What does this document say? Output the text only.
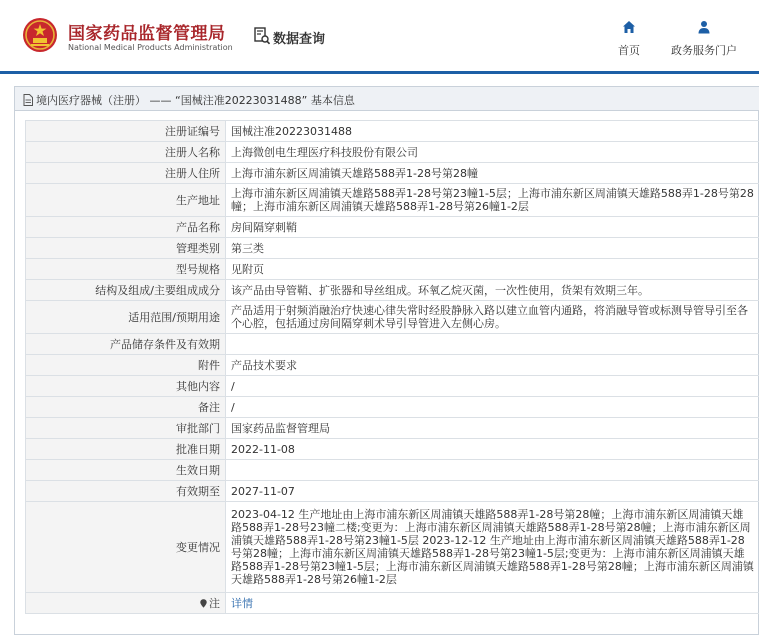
国家药品监督管理局
National Medical Products Administration
数据查询
首页	政务服务门户
境内医疗器械（注册） —— “国械注准20223031488” 基本信息
注册证编号	国械注准20223031488
注册人名称	上海微创电生理医疗科技股份有限公司
注册人住所	上海市浦东新区周浦镇天雄路588弄1-28号第28幢
生产地址	上海市浦东新区周浦镇天雄路588弄1-28号第23幢1-5层；上海市浦东新区周浦镇天雄路588弄1-28号第28幢；上海市浦东新区周浦镇天雄路588弄1-28号第26幢1-2层
产品名称	房间隔穿刺鞘
管理类别	第三类
型号规格	见附页
结构及组成/主要组成成分	该产品由导管鞘、扩张器和导丝组成。环氧乙烷灭菌，一次性使用，货架有效期三年。
适用范围/预期用途	产品适用于射频消融治疗快速心律失常时经股静脉入路以建立血管内通路，将消融导管或标测导管导引至各个心腔，包括通过房间隔穿刺术导引导管进入左侧心房。
产品储存条件及有效期	
附件	产品技术要求
其他内容	/
备注	/
审批部门	国家药品监督管理局
批准日期	2022-11-08
生效日期	
有效期至	2027-11-07
变更情况	2023-04-12 生产地址由上海市浦东新区周浦镇天雄路588弄1-28号第28幢；上海市浦东新区周浦镇天雄路588弄1-28号23幢二楼;变更为：上海市浦东新区周浦镇天雄路588弄1-28号第28幢；上海市浦东新区周浦镇天雄路588弄1-28号第23幢1-5层 2023-12-12 生产地址由上海市浦东新区周浦镇天雄路588弄1-28号第28幢；上海市浦东新区周浦镇天雄路588弄1-28号第23幢1-5层;变更为：上海市浦东新区周浦镇天雄路588弄1-28号第23幢1-5层；上海市浦东新区周浦镇天雄路588弄1-28号第28幢；上海市浦东新区周浦镇天雄路588弄1-28号第26幢1-2层
注	详情
